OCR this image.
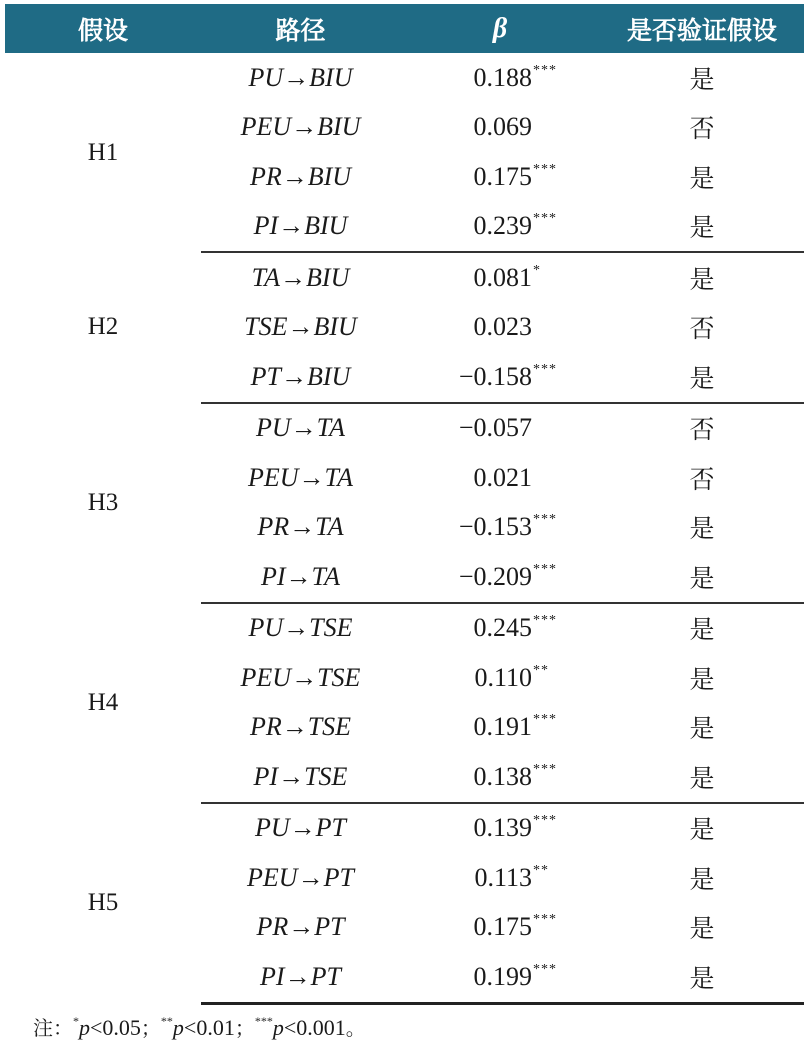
假设	路径	β	是否验证假设
H1	PU→BIU	0.188***	是
	PEU→BIU	0.069	否
	PR→BIU	0.175***	是
	PI→BIU	0.239***	是
H2	TA→BIU	0.081*	是
	TSE→BIU	0.023	否
	PT→BIU	−0.158***	是
H3	PU→TA	−0.057	否
	PEU→TA	0.021	否
	PR→TA	−0.153***	是
	PI→TA	−0.209***	是
H4	PU→TSE	0.245***	是
	PEU→TSE	0.110**	是
	PR→TSE	0.191***	是
	PI→TSE	0.138***	是
H5	PU→PT	0.139***	是
	PEU→PT	0.113**	是
	PR→PT	0.175***	是
	PI→PT	0.199***	是
注：*p<0.05；**p<0.01；***p<0.001。
